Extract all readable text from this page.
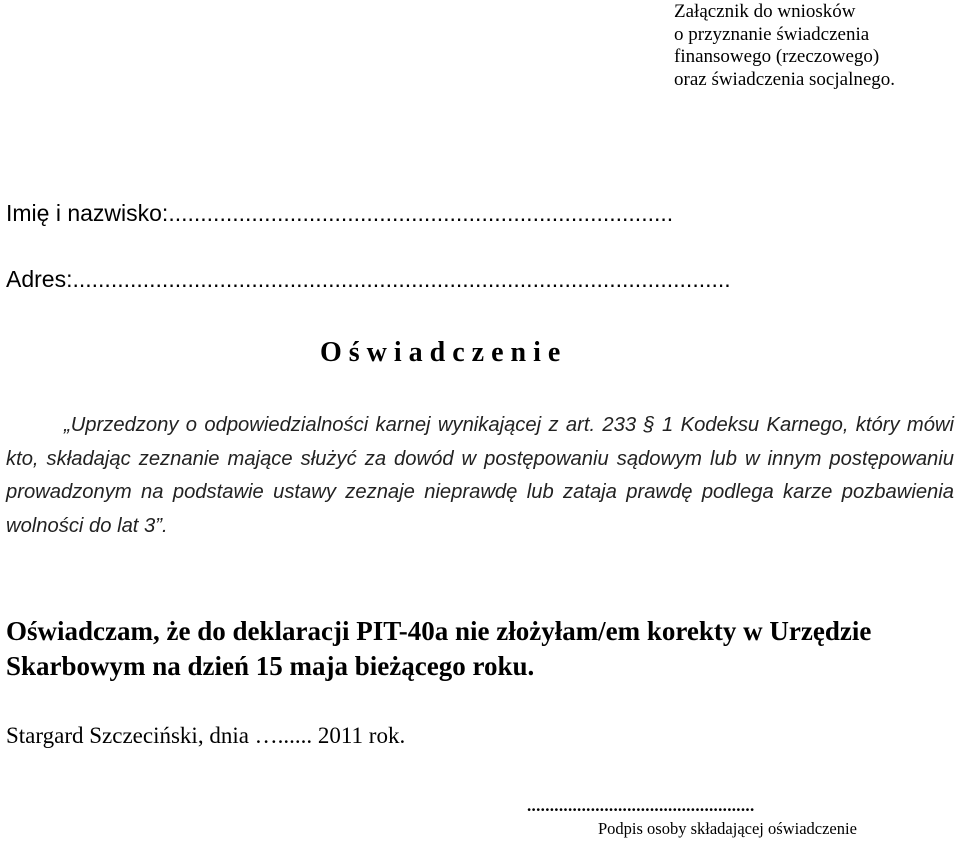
Załącznik do wniosków
o przyznanie świadczenia
finansowego (rzeczowego)
oraz świadczenia socjalnego.
Imię i nazwisko:...............................................................................
Adres:.......................................................................................................
O ś w i a d c z e n i e

„Uprzedzony o odpowiedzialności karnej wynikającej z art. 233 § 1 Kodeksu Karnego, który mówi kto, składając zeznanie mające służyć za dowód w postępowaniu sądowym lub w innym postępowaniu prowadzonym na podstawie ustawy zeznaje nieprawdę lub zataja prawdę podlega karze pozbawienia wolności do lat 3”.

Oświadczam, że do deklaracji PIT-40a nie złożyłam/em korekty w Urzędzie Skarbowym na dzień 15 maja bieżącego roku.

Stargard Szczeciński, dnia …...... 2011 rok.
..................................................
Podpis osoby składającej oświadczenie
